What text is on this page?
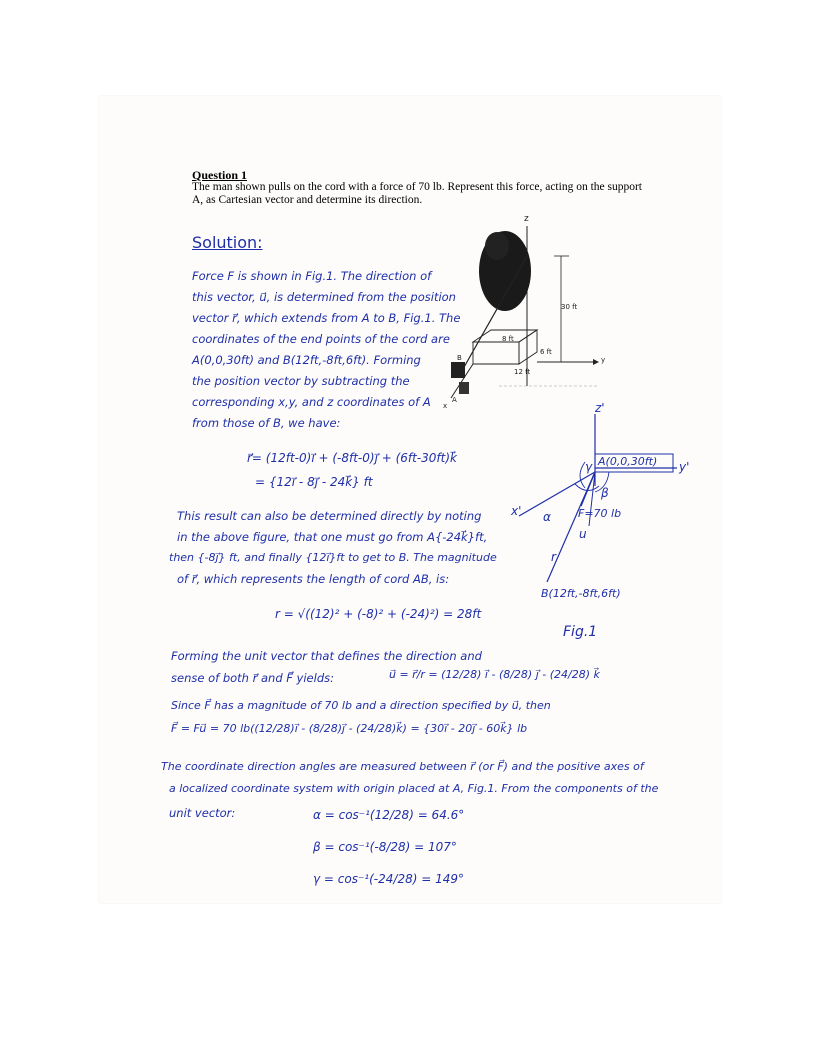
Question 1
The man shown pulls on the cord with a force of 70 lb. Represent this force, acting on the support A, as Cartesian vector and determine its direction.
z
30 ft
8 ft
6 ft
12 ft
B
A
x
y
z'
y'
x'
A(0,0,30ft)
γ
β
α F=70 lb
u
r
B(12ft,-8ft,6ft)
Fig.1
Solution:
Force F is shown in Fig.1. The direction of
this vector, u⃗, is determined from the position
vector r⃗, which extends from A to B, Fig.1. The
coordinates of the end points of the cord are
A(0,0,30ft) and B(12ft,-8ft,6ft). Forming
the position vector by subtracting the
corresponding x,y, and z coordinates of A
from those of B, we have:
r⃗= (12ft-0)i⃗ + (-8ft-0)j⃗ + (6ft-30ft)k⃗
= {12i⃗ - 8j⃗ - 24k⃗} ft
This result can also be determined directly by noting
in the above figure, that one must go from A{-24k⃗}ft,
then {-8j⃗} ft, and finally {12i⃗}ft to get to B. The magnitude
of r⃗, which represents the length of cord AB, is:
r = √((12)² + (-8)² + (-24)²) = 28ft
Forming the unit vector that defines the direction and
sense of both r⃗ and F⃗ yields:	u⃗ = r⃗/r = (12/28) i⃗ - (8/28) j⃗ - (24/28) k⃗
Since F⃗ has a magnitude of 70 lb and a direction specified by u⃗, then
F⃗ = Fu⃗ = 70 lb((12/28)i⃗ - (8/28)j⃗ - (24/28)k⃗) = {30i⃗ - 20j⃗ - 60k⃗} lb
The coordinate direction angles are measured between r⃗ (or F⃗) and the positive axes of
a localized coordinate system with origin placed at A, Fig.1. From the components of the
unit vector:	α = cos⁻¹(12/28) = 64.6°
β = cos⁻¹(-8/28) = 107°
γ = cos⁻¹(-24/28) = 149°
